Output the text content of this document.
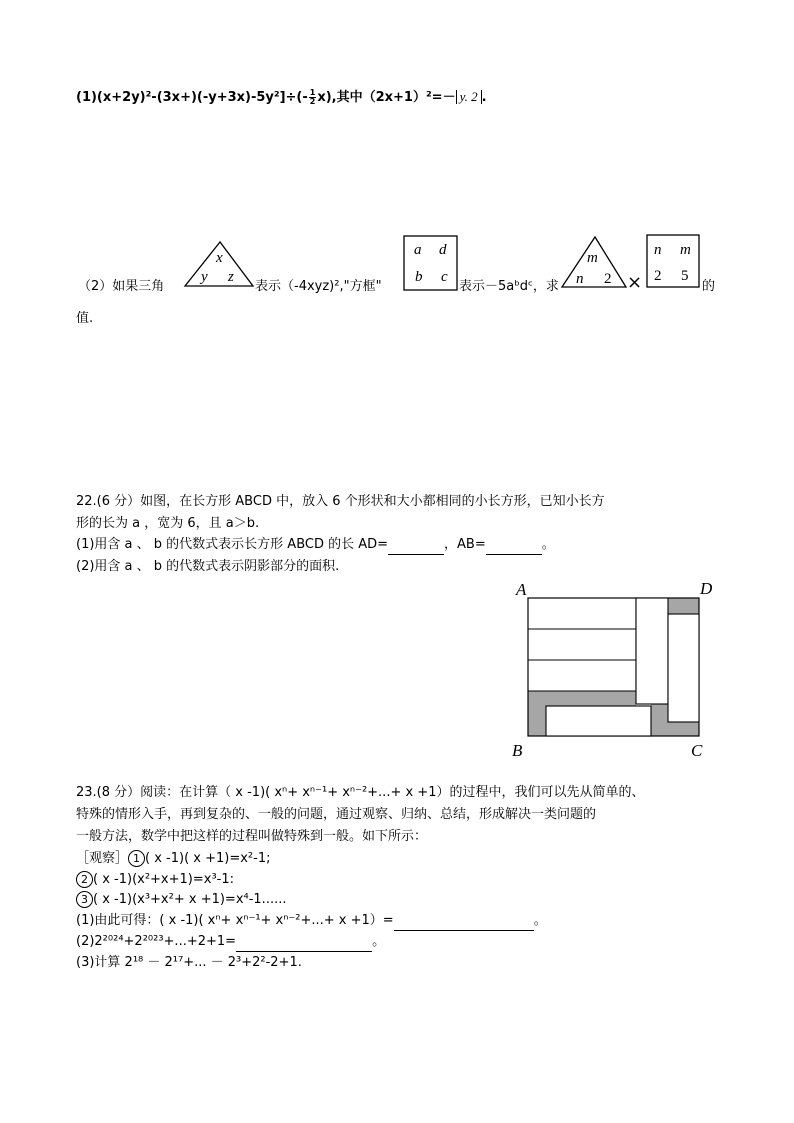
$(1)(x+2y)^2-(3x+)(-y+3x)-5y^2]\div(- \frac{1}{2} x)$,其中（2x+1）²=－ y. 2 .
（2）如果三角
x
y z
表示（-4xyz)²,"方框"
a d
b c
表示－5aᵇdᶜ，求
m
n 2 ×
n m
2 5
的
值.
22.(6 分）如图，在长方形 ABCD 中，放入 6 个形状和大小都相同的小长方形，已知小长方
形的长为 a ，宽为 6，且 a＞b.
(1)用含 a 、 b 的代数式表示长方形 ABCD 的长 AD=	，AB=	。
(2)用含 a 、 b 的代数式表示阴影部分的面积.
A	D
B	C
23.(8 分）阅读：在计算（ x -1)( xⁿ+ xⁿ⁻¹+ xⁿ⁻²+...+ x +1）的过程中，我们可以先从简单的、
特殊的情形入手，再到复杂的、一般的问题，通过观察、归纳、总结，形成解决一类问题的
一般方法，数学中把这样的过程叫做特殊到一般。如下所示：
［观察］ 1 ( x -1)( x +1)=x²-1;
2 ( x -1)(x²+x+1)=x³-1:
3 ( x -1)(x³+x²+ x +1)=x⁴-1......
(1)由此可得：( x -1)( xⁿ+ xⁿ⁻¹+ xⁿ⁻²+...+ x +1）=	。
(2)2²⁰²⁴+2²⁰²³+...+2+1=	。
(3)计算 2¹⁸ － 2¹⁷+... － 2³+2²-2+1.
